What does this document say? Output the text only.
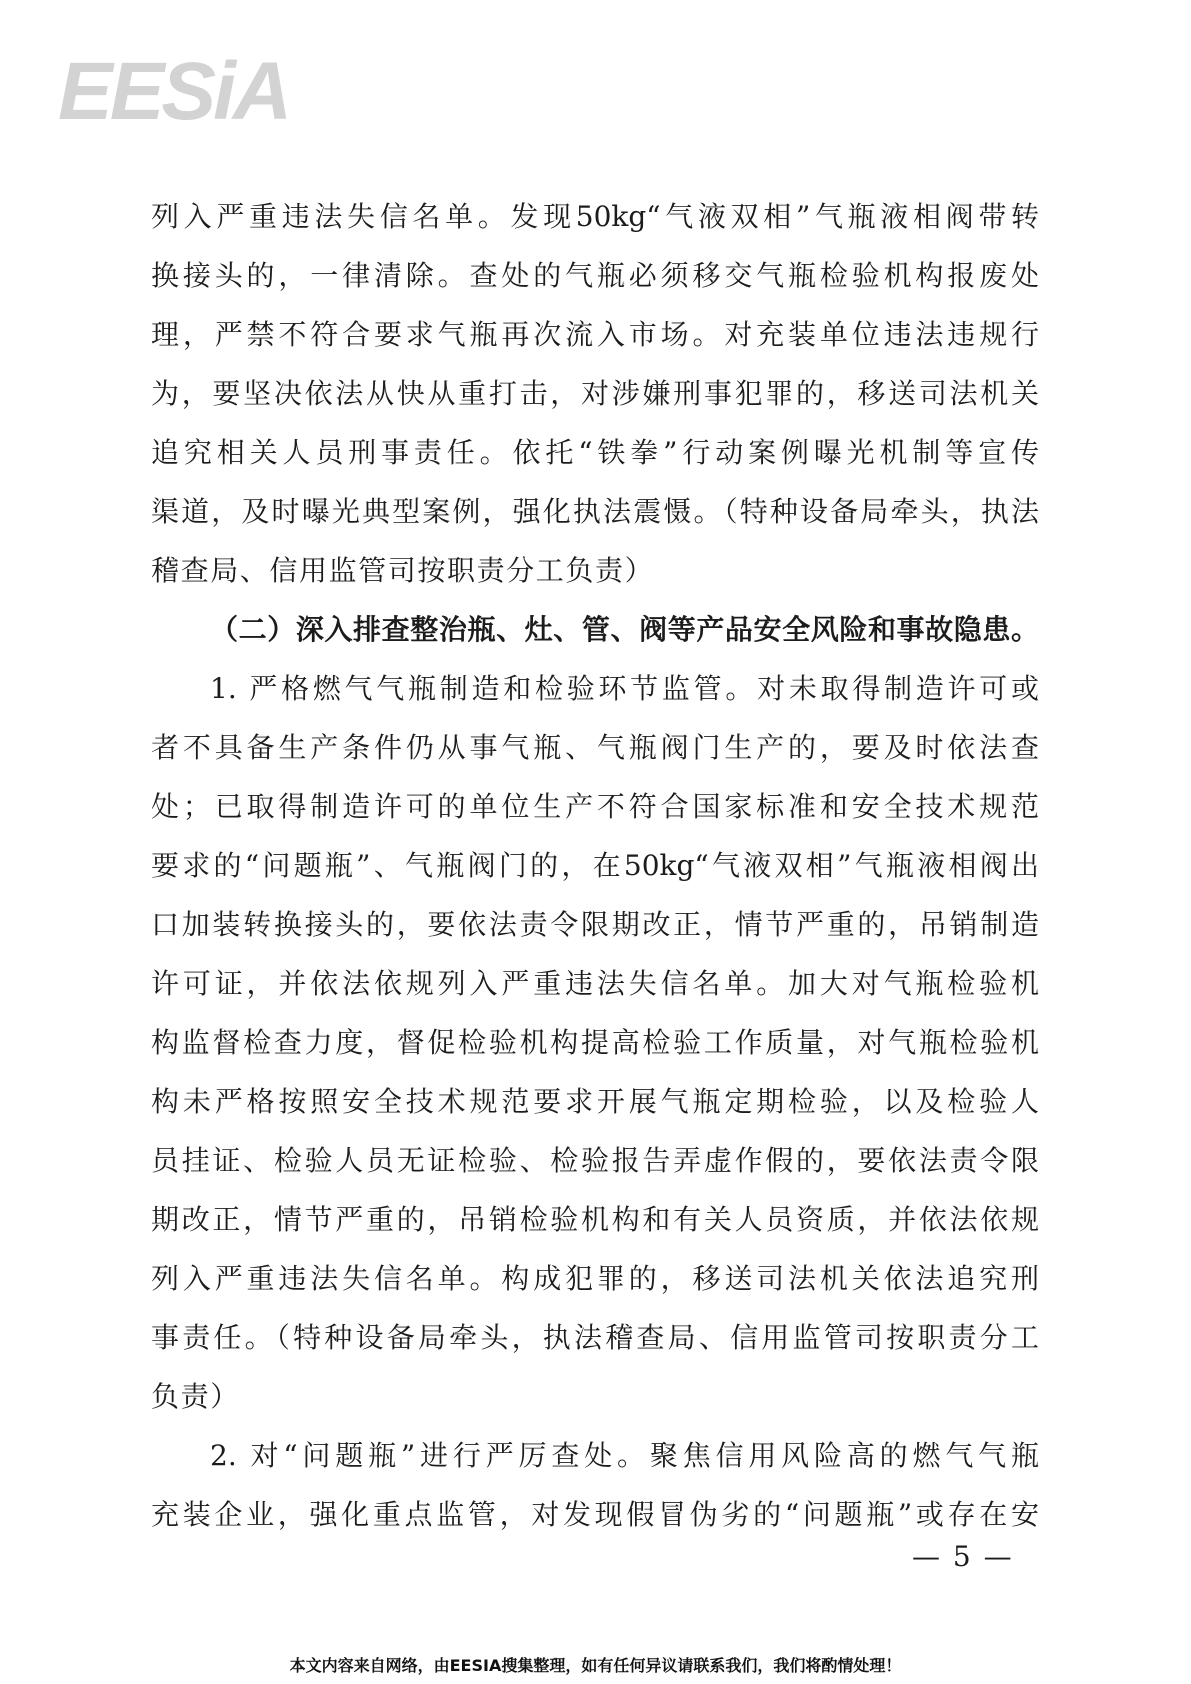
EESiA
列入严重违法失信名单。发现50kg“气液双相”气瓶液相阀带转
换接头的，一律清除。查处的气瓶必须移交气瓶检验机构报废处
理，严禁不符合要求气瓶再次流入市场。对充装单位违法违规行
为，要坚决依法从快从重打击，对涉嫌刑事犯罪的，移送司法机关
追究相关人员刑事责任。依托“铁拳”行动案例曝光机制等宣传
渠道，及时曝光典型案例，强化执法震慑。（特种设备局牵头，执法
稽查局、信用监管司按职责分工负责）
（二）深入排查整治瓶、灶、管、阀等产品安全风险和事故隐患。
1. 严格燃气气瓶制造和检验环节监管。对未取得制造许可或
者不具备生产条件仍从事气瓶、气瓶阀门生产的，要及时依法查
处；已取得制造许可的单位生产不符合国家标准和安全技术规范
要求的“问题瓶”、气瓶阀门的，在50kg“气液双相”气瓶液相阀出
口加装转换接头的，要依法责令限期改正，情节严重的，吊销制造
许可证，并依法依规列入严重违法失信名单。加大对气瓶检验机
构监督检查力度，督促检验机构提高检验工作质量，对气瓶检验机
构未严格按照安全技术规范要求开展气瓶定期检验，以及检验人
员挂证、检验人员无证检验、检验报告弄虚作假的，要依法责令限
期改正，情节严重的，吊销检验机构和有关人员资质，并依法依规
列入严重违法失信名单。构成犯罪的，移送司法机关依法追究刑
事责任。（特种设备局牵头，执法稽查局、信用监管司按职责分工
负责）
2. 对“问题瓶”进行严厉查处。聚焦信用风险高的燃气气瓶
充装企业，强化重点监管，对发现假冒伪劣的“问题瓶”或存在安
— 5 —
本文内容来自网络，由EESIA搜集整理，如有任何异议请联系我们，我们将酌情处理！
